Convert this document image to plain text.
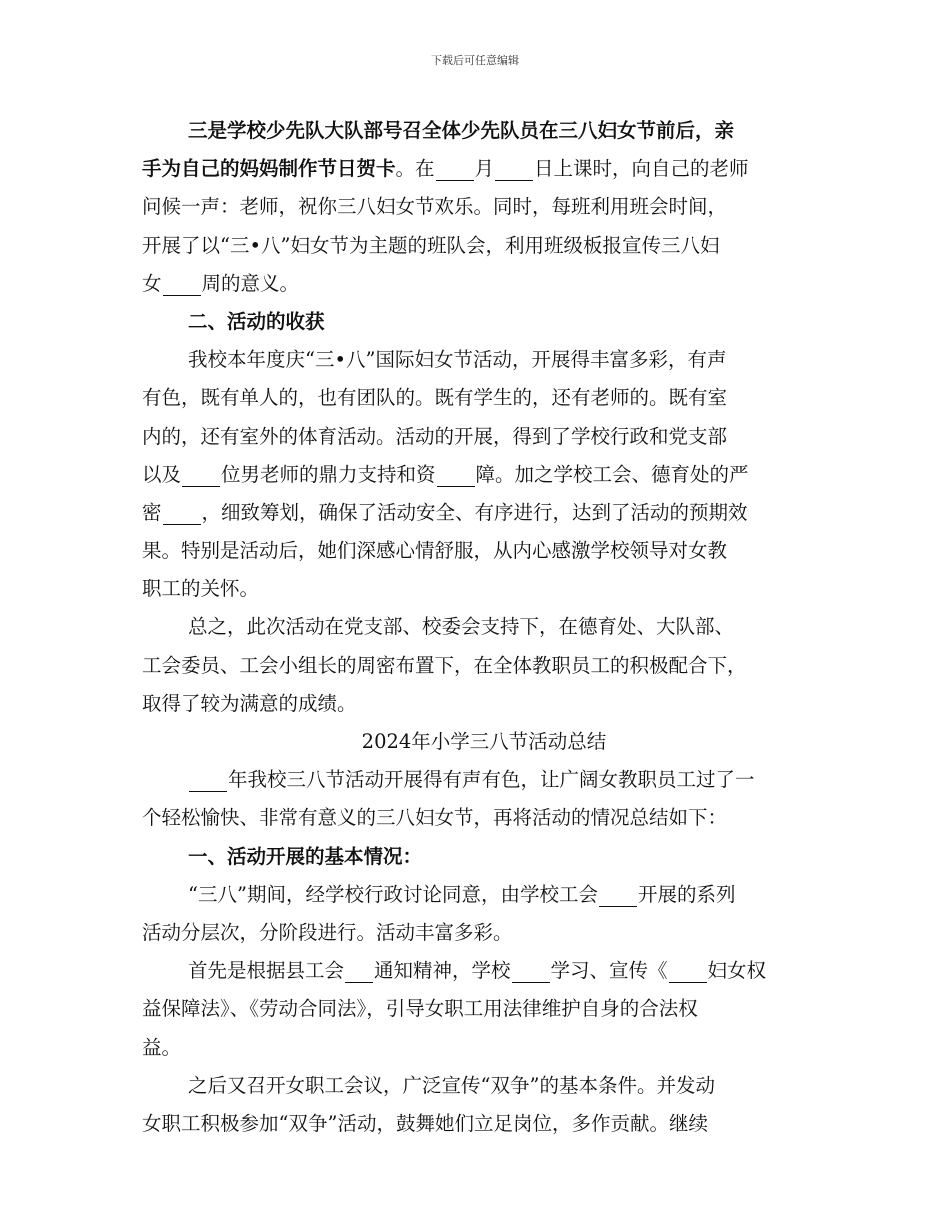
下载后可任意编辑
三是学校少先队大队部号召全体少先队员在三八妇女节前后，亲
手为自己的妈妈制作节日贺卡。在 月 日上课时，向自己的老师
问候一声：老师，祝你三八妇女节欢乐。同时，每班利用班会时间，
开展了以“三•八”妇女节为主题的班队会，利用班级板报宣传三八妇
女 周的意义。
二、活动的收获
我校本年度庆“三•八”国际妇女节活动，开展得丰富多彩，有声
有色，既有单人的，也有团队的。既有学生的，还有老师的。既有室
内的，还有室外的体育活动。活动的开展，得到了学校行政和党支部
以及 位男老师的鼎力支持和资 障。加之学校工会、德育处的严
密 ，细致筹划，确保了活动安全、有序进行，达到了活动的预期效
果。特别是活动后，她们深感心情舒服，从内心感激学校领导对女教
职工的关怀。
总之，此次活动在党支部、校委会支持下，在德育处、大队部、
工会委员、工会小组长的周密布置下，在全体教职员工的积极配合下，
取得了较为满意的成绩。
2024年小学三八节活动总结
年我校三八节活动开展得有声有色，让广阔女教职员工过了一
个轻松愉快、非常有意义的三八妇女节，再将活动的情况总结如下：
一、活动开展的基本情况：
“三八”期间，经学校行政讨论同意，由学校工会 开展的系列
活动分层次，分阶段进行。活动丰富多彩。
首先是根据县工会 通知精神，学校 学习、宣传《 妇女权
益保障法》、《劳动合同法》，引导女职工用法律维护自身的合法权
益。
之后又召开女职工会议，广泛宣传“双争”的基本条件。并发动
女职工积极参加“双争”活动，鼓舞她们立足岗位，多作贡献。继续
